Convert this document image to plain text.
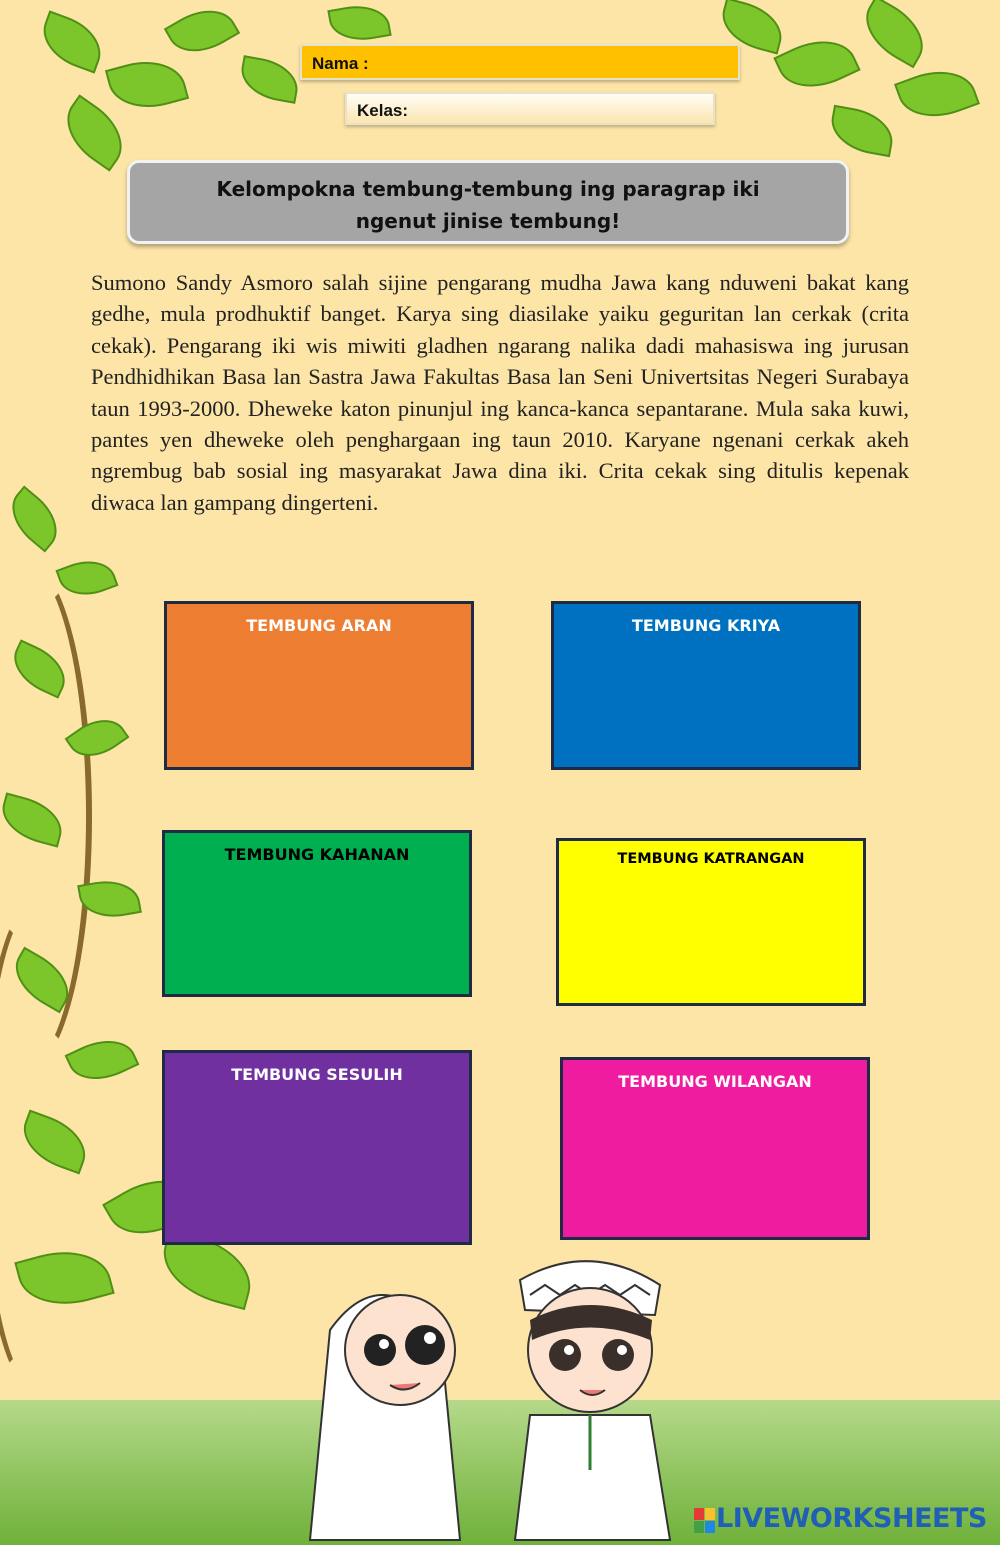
Nama :
Kelas:
Kelompokna tembung-tembung ing paragrap iki
ngenut jinise tembung!
Sumono Sandy Asmoro salah sijine pengarang mudha Jawa kang nduweni bakat kang gedhe, mula prodhuktif banget. Karya sing diasilake yaiku geguritan lan cerkak (crita cekak). Pengarang iki wis miwiti gladhen ngarang nalika dadi mahasiswa ing jurusan Pendhidhikan Basa lan Sastra Jawa Fakultas Basa lan Seni Univertsitas Negeri Surabaya taun 1993-2000. Dheweke katon pinunjul ing kanca-kanca sepantarane. Mula saka kuwi, pantes yen dheweke oleh penghargaan ing taun 2010. Karyane ngenani cerkak akeh ngrembug bab sosial ing masyarakat Jawa dina iki. Crita cekak sing ditulis kepenak diwaca lan gampang dingerteni.
TEMBUNG ARAN	TEMBUNG KRIYA
TEMBUNG KAHANAN	TEMBUNG KATRANGAN
TEMBUNG SESULIH	TEMBUNG WILANGAN
LIVEWORKSHEETS
